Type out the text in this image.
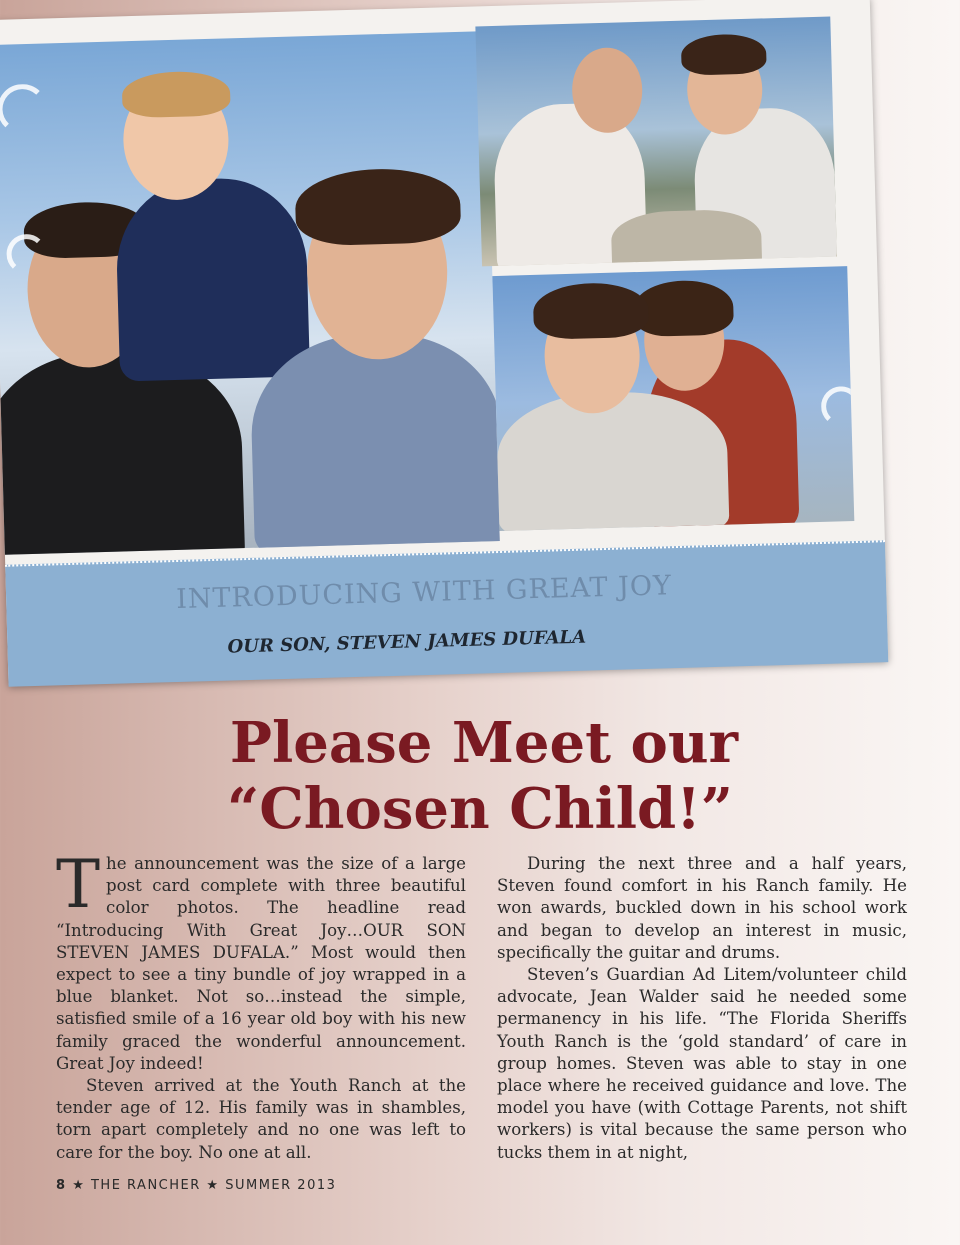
INTRODUCING WITH GREAT JOY
OUR SON, STEVEN JAMES DUFALA
Please Meet our
“Chosen Child!”

The announcement was the size of a large post card complete with three beautiful color photos. The headline read “Introducing With Great Joy…OUR SON STEVEN JAMES DUFALA.” Most would then expect to see a tiny bundle of joy wrapped in a blue blanket. Not so…instead the simple, satisfied smile of a 16 year old boy with his new family graced the wonderful announcement. Great Joy indeed!

Steven arrived at the Youth Ranch at the tender age of 12. His family was in shambles, torn apart completely and no one was left to care for the boy. No one at all.

During the next three and a half years, Steven found comfort in his Ranch family. He won awards, buckled down in his school work and began to develop an interest in music, specifically the guitar and drums.

Steven’s Guardian Ad Litem/volunteer child advocate, Jean Walder said he needed some permanency in his life. “The Florida Sheriffs Youth Ranch is the ‘gold standard’ of care in group homes. Steven was able to stay in one place where he received guidance and love. The model you have (with Cottage Parents, not shift workers) is vital because the same person who tucks them in at night,

8 ★ THE RANCHER ★ SUMMER 2013
